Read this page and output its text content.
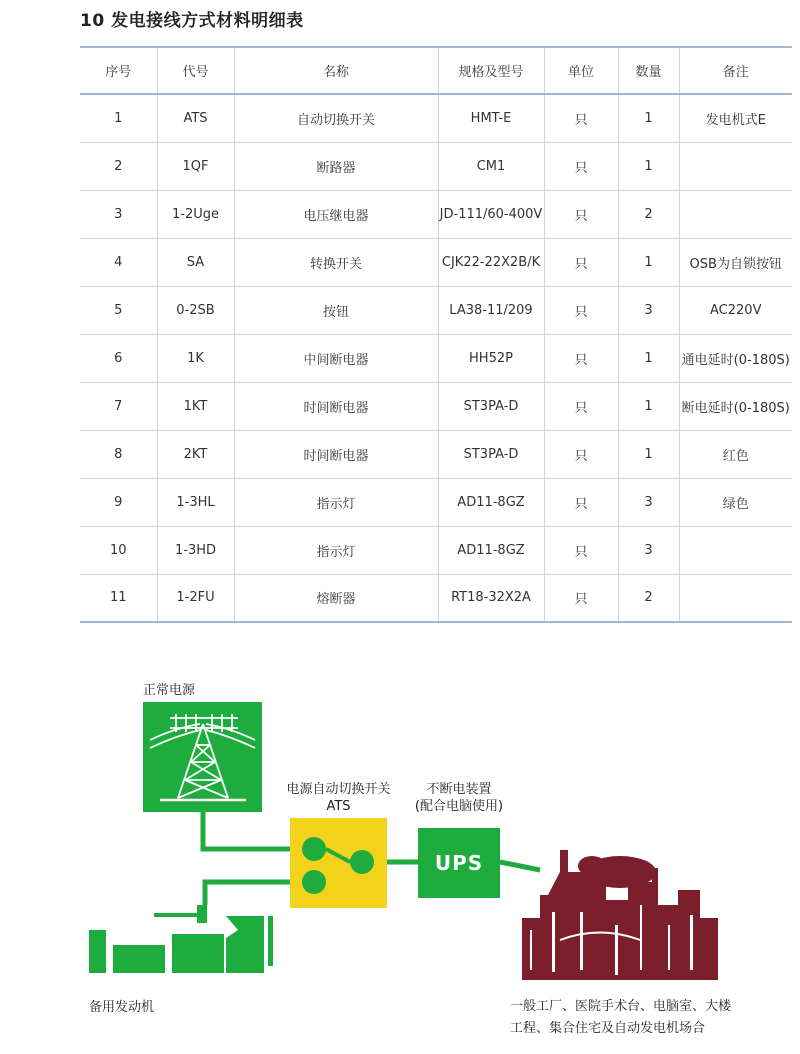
10 发电接线方式材料明细表
序号	代号	名称	规格及型号	单位	数量	备注
1	ATS	自动切换开关	HMT-E	只	1	发电机式E
2	1QF	断路器	CM1	只	1	
3	1-2Uge	电压继电器	JD-111/60-400V	只	2	
4	SA	转换开关	CJK22-22X2B/K	只	1	OSB为自锁按钮
5	0-2SB	按钮	LA38-11/209	只	3	AC220V
6	1K	中间断电器	HH52P	只	1	通电延时(0-180S)
7	1KT	时间断电器	ST3PA-D	只	1	断电延时(0-180S)
8	2KT	时间断电器	ST3PA-D	只	1	红色
9	1-3HL	指示灯	AD11-8GZ	只	3	绿色
10	1-3HD	指示灯	AD11-8GZ	只	3	
11	1-2FU	熔断器	RT18-32X2A	只	2	
正常电源
电源自动切换开关
ATS
不断电装置
(配合电脑使用)
UPS
备用发动机	一般工厂、医院手术台、电脑室、大楼
工程、集合住宅及自动发电机场合
